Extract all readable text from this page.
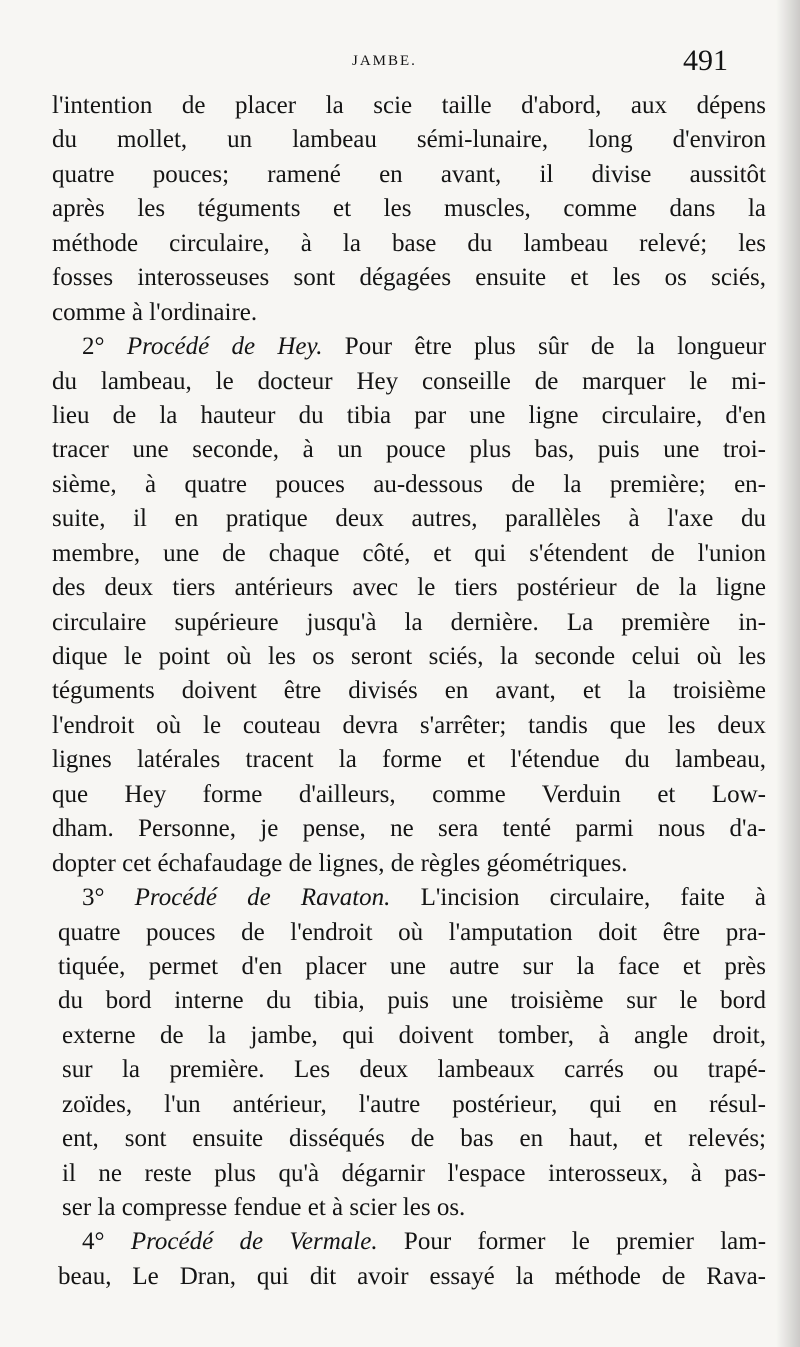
JAMBE.	491
l'intention de placer la scie taille d'abord, aux dépens
du mollet, un lambeau sémi-lunaire, long d'environ
quatre pouces; ramené en avant, il divise aussitôt
après les téguments et les muscles, comme dans la
méthode circulaire, à la base du lambeau relevé; les
fosses interosseuses sont dégagées ensuite et les os sciés,
comme à l'ordinaire.
2° Procédé de Hey. Pour être plus sûr de la longueur
du lambeau, le docteur Hey conseille de marquer le mi-
lieu de la hauteur du tibia par une ligne circulaire, d'en
tracer une seconde, à un pouce plus bas, puis une troi-
sième, à quatre pouces au-dessous de la première; en-
suite, il en pratique deux autres, parallèles à l'axe du
membre, une de chaque côté, et qui s'étendent de l'union
des deux tiers antérieurs avec le tiers postérieur de la ligne
circulaire supérieure jusqu'à la dernière. La première in-
dique le point où les os seront sciés, la seconde celui où les
téguments doivent être divisés en avant, et la troisième
l'endroit où le couteau devra s'arrêter; tandis que les deux
lignes latérales tracent la forme et l'étendue du lambeau,
que Hey forme d'ailleurs, comme Verduin et Low-
dham. Personne, je pense, ne sera tenté parmi nous d'a-
dopter cet échafaudage de lignes, de règles géométriques.
3° Procédé de Ravaton. L'incision circulaire, faite à
quatre pouces de l'endroit où l'amputation doit être pra-
tiquée, permet d'en placer une autre sur la face et près
du bord interne du tibia, puis une troisième sur le bord
externe de la jambe, qui doivent tomber, à angle droit,
sur la première. Les deux lambeaux carrés ou trapé-
zoïdes, l'un antérieur, l'autre postérieur, qui en résul-
ent, sont ensuite disséqués de bas en haut, et relevés;
il ne reste plus qu'à dégarnir l'espace interosseux, à pas-
ser la compresse fendue et à scier les os.
4° Procédé de Vermale. Pour former le premier lam-
beau, Le Dran, qui dit avoir essayé la méthode de Rava-
